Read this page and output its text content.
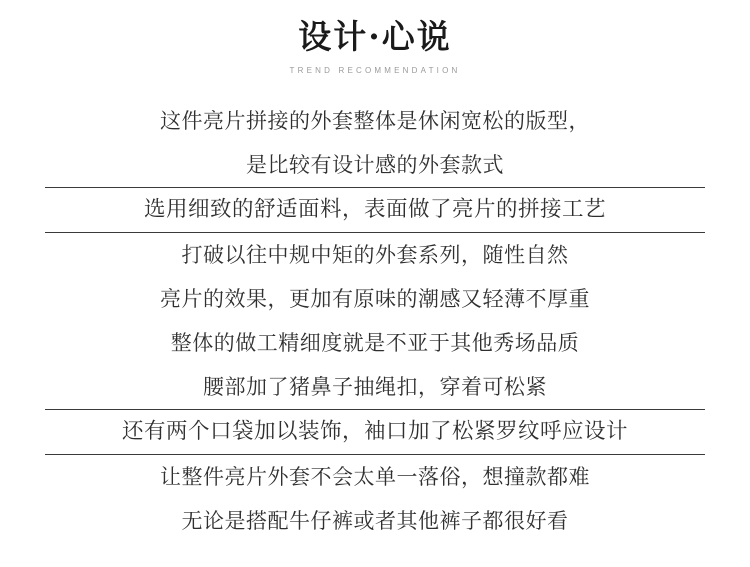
设计·心说
TREND RECOMMENDATION
这件亮片拼接的外套整体是休闲宽松的版型，
是比较有设计感的外套款式
选用细致的舒适面料，表面做了亮片的拼接工艺
打破以往中规中矩的外套系列，随性自然
亮片的效果，更加有原味的潮感又轻薄不厚重
整体的做工精细度就是不亚于其他秀场品质
腰部加了猪鼻子抽绳扣，穿着可松紧
还有两个口袋加以装饰，袖口加了松紧罗纹呼应设计
让整件亮片外套不会太单一落俗，想撞款都难
无论是搭配牛仔裤或者其他裤子都很好看
